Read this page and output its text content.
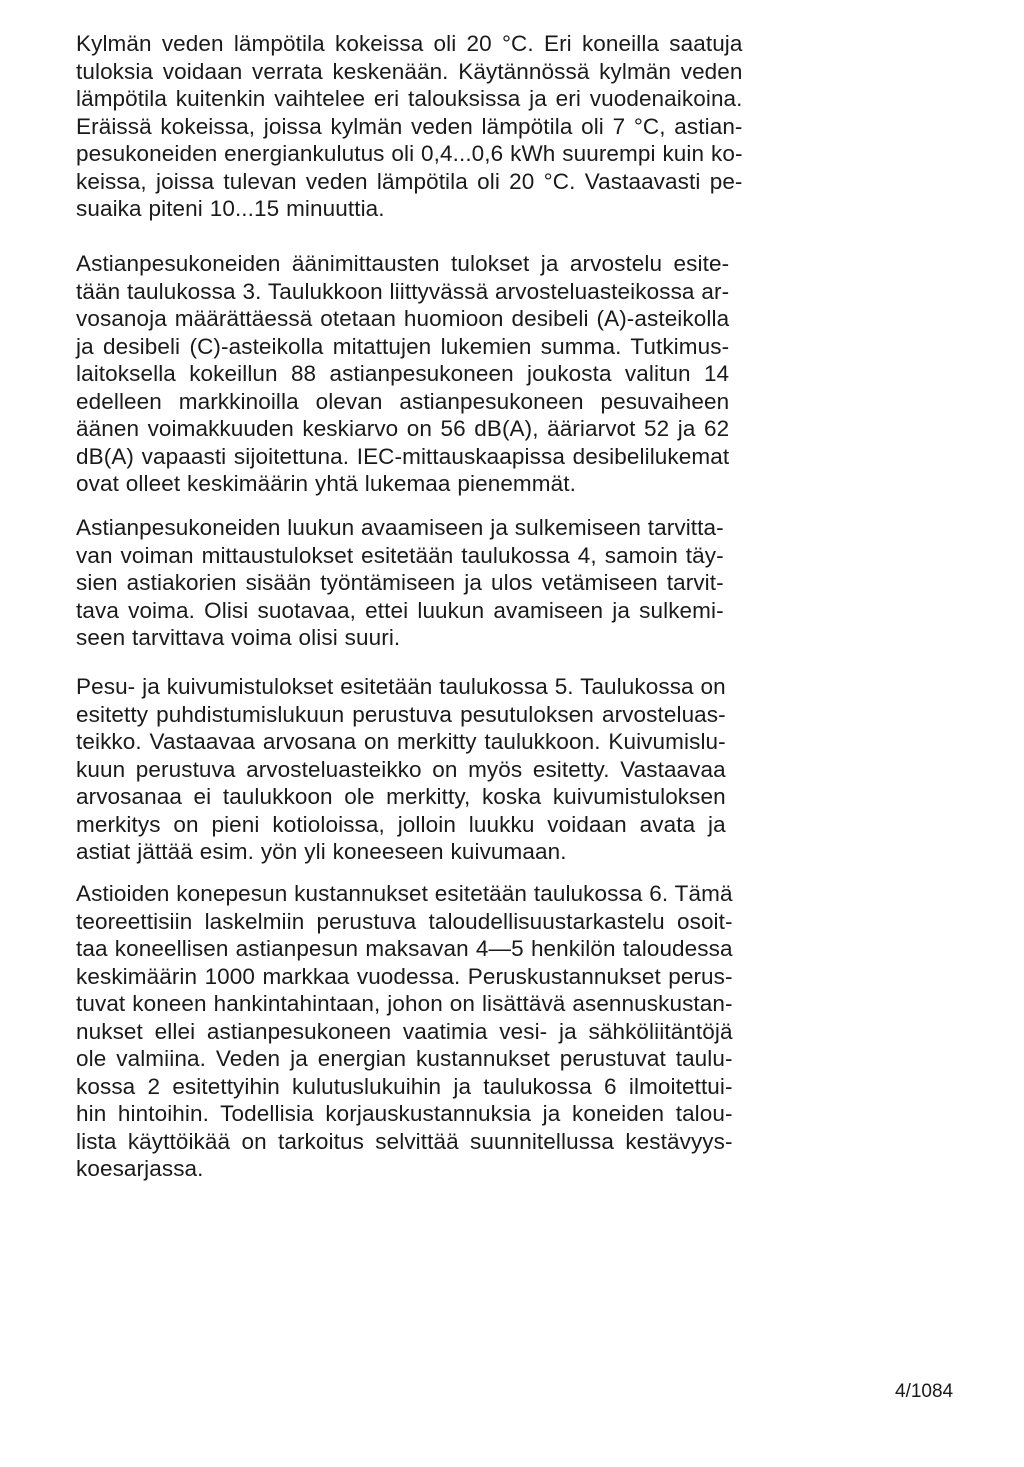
Kylmän veden lämpötila kokeissa oli 20 °C. Eri koneilla saatuja
tuloksia voidaan verrata keskenään. Käytännössä kylmän veden
lämpötila kuitenkin vaihtelee eri talouksissa ja eri vuodenaikoina.
Eräissä kokeissa, joissa kylmän veden lämpötila oli 7 °C, astian-
pesukoneiden energiankulutus oli 0,4...0,6 kWh suurempi kuin ko-
keissa, joissa tulevan veden lämpötila oli 20 °C. Vastaavasti pe-
suaika piteni 10...15 minuuttia.

Astianpesukoneiden äänimittausten tulokset ja arvostelu esite-
tään taulukossa 3. Taulukkoon liittyvässä arvosteluasteikossa ar-
vosanoja määrättäessä otetaan huomioon desibeli (A)-asteikolla
ja desibeli (C)-asteikolla mitattujen lukemien summa. Tutkimus-
laitoksella kokeillun 88 astianpesukoneen joukosta valitun 14
edelleen markkinoilla olevan astianpesukoneen pesuvaiheen
äänen voimakkuuden keskiarvo on 56 dB(A), ääriarvot 52 ja 62
dB(A) vapaasti sijoitettuna. IEC-mittauskaapissa desibelilukemat
ovat olleet keskimäärin yhtä lukemaa pienemmät.

Astianpesukoneiden luukun avaamiseen ja sulkemiseen tarvitta-
van voiman mittaustulokset esitetään taulukossa 4, samoin täy-
sien astiakorien sisään työntämiseen ja ulos vetämiseen tarvit-
tava voima. Olisi suotavaa, ettei luukun avamiseen ja sulkemi-
seen tarvittava voima olisi suuri.

Pesu- ja kuivumistulokset esitetään taulukossa 5. Taulukossa on
esitetty puhdistumislukuun perustuva pesutuloksen arvosteluas-
teikko. Vastaavaa arvosana on merkitty taulukkoon. Kuivumislu-
kuun perustuva arvosteluasteikko on myös esitetty. Vastaavaa
arvosanaa ei taulukkoon ole merkitty, koska kuivumistuloksen
merkitys on pieni kotioloissa, jolloin luukku voidaan avata ja
astiat jättää esim. yön yli koneeseen kuivumaan.

Astioiden konepesun kustannukset esitetään taulukossa 6. Tämä
teoreettisiin laskelmiin perustuva taloudellisuustarkastelu osoit-
taa koneellisen astianpesun maksavan 4—5 henkilön taloudessa
keskimäärin 1000 markkaa vuodessa. Peruskustannukset perus-
tuvat koneen hankintahintaan, johon on lisättävä asennuskustan-
nukset ellei astianpesukoneen vaatimia vesi- ja sähköliitäntöjä
ole valmiina. Veden ja energian kustannukset perustuvat taulu-
kossa 2 esitettyihin kulutuslukuihin ja taulukossa 6 ilmoitettui-
hin hintoihin. Todellisia korjauskustannuksia ja koneiden talou-
lista käyttöikää on tarkoitus selvittää suunnitellussa kestävyys-
koesarjassa.

4/1084
